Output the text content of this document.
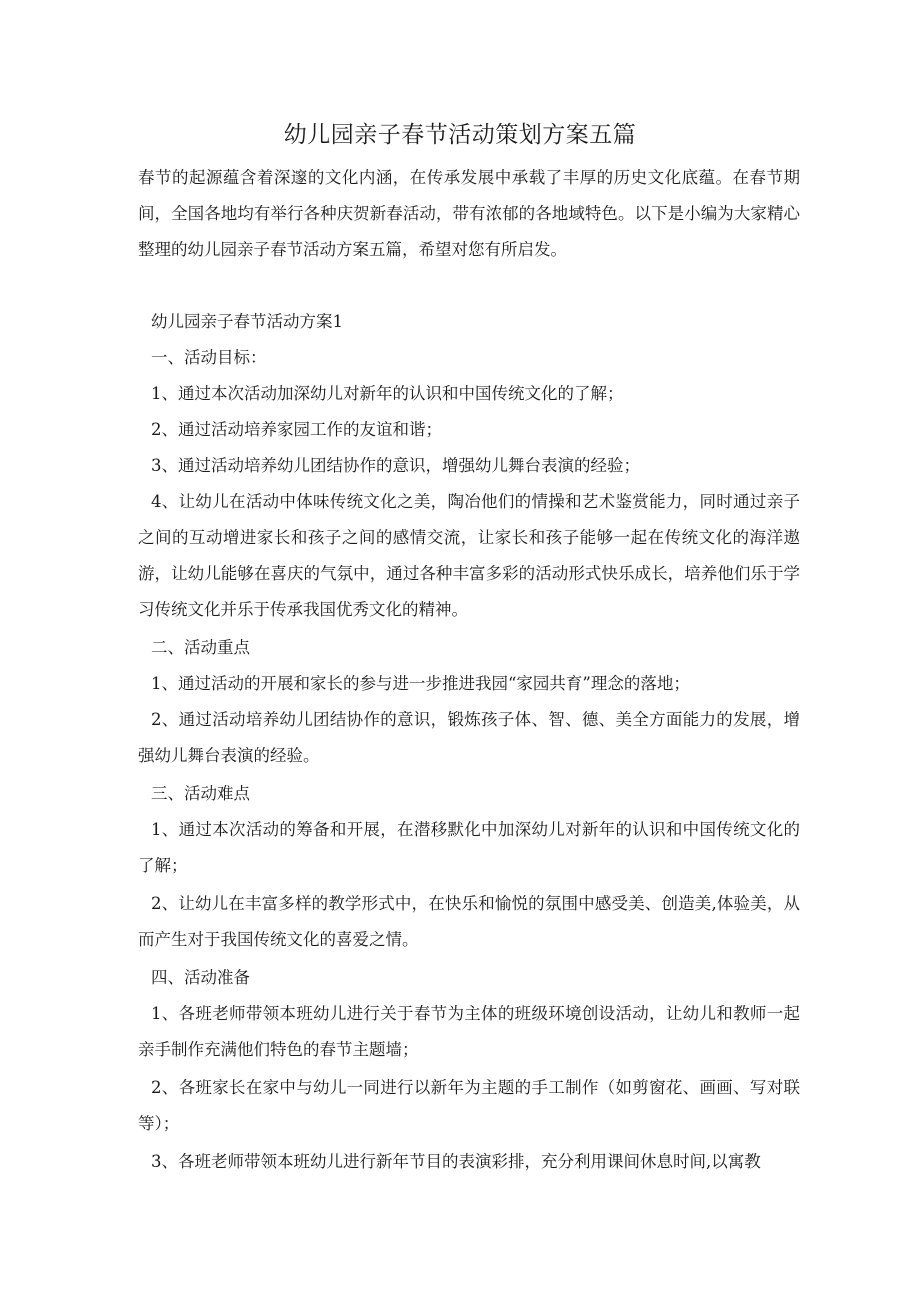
幼儿园亲子春节活动策划方案五篇
春节的起源蕴含着深邃的文化内涵，在传承发展中承载了丰厚的历史文化底蕴。在春节期间，全国各地均有举行各种庆贺新春活动，带有浓郁的各地域特色。以下是小编为大家精心整理的幼儿园亲子春节活动方案五篇，希望对您有所启发。
幼儿园亲子春节活动方案1
一、活动目标：
1、通过本次活动加深幼儿对新年的认识和中国传统文化的了解；
2、通过活动培养家园工作的友谊和谐；
3、通过活动培养幼儿团结协作的意识，增强幼儿舞台表演的经验；
4、让幼儿在活动中体味传统文化之美，陶冶他们的情操和艺术鉴赏能力，同时通过亲子之间的互动增进家长和孩子之间的感情交流，让家长和孩子能够一起在传统文化的海洋遨游，让幼儿能够在喜庆的气氛中，通过各种丰富多彩的活动形式快乐成长，培养他们乐于学习传统文化并乐于传承我国优秀文化的精神。
二、活动重点
1、通过活动的开展和家长的参与进一步推进我园“家园共育”理念的落地；
2、通过活动培养幼儿团结协作的意识，锻炼孩子体、智、德、美全方面能力的发展，增强幼儿舞台表演的经验。
三、活动难点
1、通过本次活动的筹备和开展，在潜移默化中加深幼儿对新年的认识和中国传统文化的了解；
2、让幼儿在丰富多样的教学形式中，在快乐和愉悦的氛围中感受美、创造美,体验美，从而产生对于我国传统文化的喜爱之情。
四、活动准备
1、各班老师带领本班幼儿进行关于春节为主体的班级环境创设活动，让幼儿和教师一起亲手制作充满他们特色的春节主题墙；
2、各班家长在家中与幼儿一同进行以新年为主题的手工制作（如剪窗花、画画、写对联等）；
3、各班老师带领本班幼儿进行新年节目的表演彩排，充分利用课间休息时间,以寓教
